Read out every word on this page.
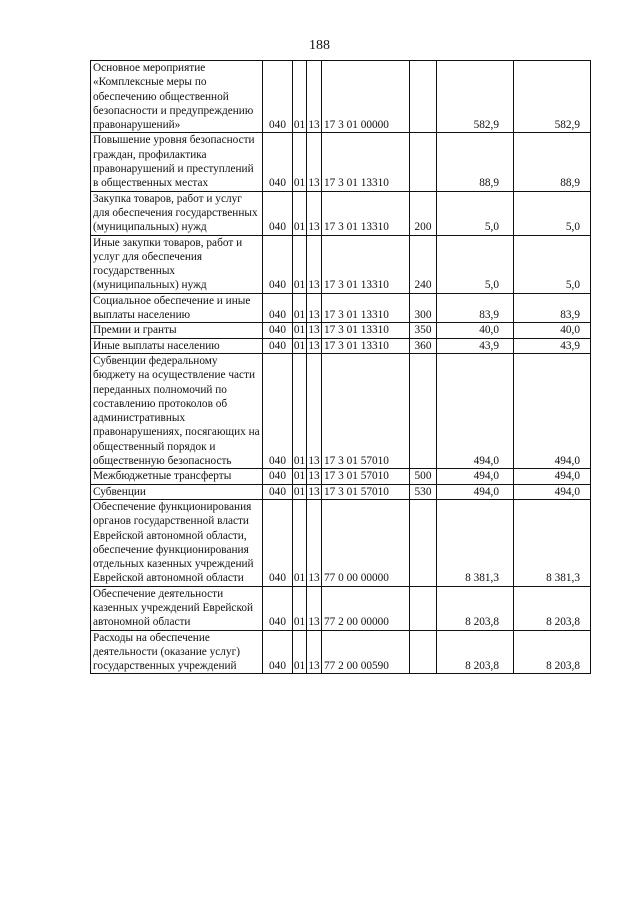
188
Основное мероприятие «Комплексные меры по обеспечению общественной безопасности и предупреждению правонарушений»	040	01	13	17 3 01 00000		582,9	582,9
Повышение уровня безопасности граждан, профилактика правонарушений и преступлений в общественных местах	040	01	13	17 3 01 13310		88,9	88,9
Закупка товаров, работ и услуг для обеспечения государственных (муниципальных) нужд	040	01	13	17 3 01 13310	200	5,0	5,0
Иные закупки товаров, работ и услуг для обеспечения государственных (муниципальных) нужд	040	01	13	17 3 01 13310	240	5,0	5,0
Социальное обеспечение и иные выплаты населению	040	01	13	17 3 01 13310	300	83,9	83,9
Премии и гранты	040	01	13	17 3 01 13310	350	40,0	40,0
Иные выплаты населению	040	01	13	17 3 01 13310	360	43,9	43,9
Субвенции федеральному бюджету на осуществление части переданных полномочий по составлению протоколов об административных правонарушениях, посягающих на общественный порядок и общественную безопасность	040	01	13	17 3 01 57010		494,0	494,0
Межбюджетные трансферты	040	01	13	17 3 01 57010	500	494,0	494,0
Субвенции	040	01	13	17 3 01 57010	530	494,0	494,0
Обеспечение функционирования органов государственной власти Еврейской автономной области, обеспечение функционирования отдельных казенных учреждений Еврейской автономной области	040	01	13	77 0 00 00000		8 381,3	8 381,3
Обеспечение деятельности казенных учреждений Еврейской автономной области	040	01	13	77 2 00 00000		8 203,8	8 203,8
Расходы на обеспечение деятельности (оказание услуг) государственных учреждений	040	01	13	77 2 00 00590		8 203,8	8 203,8
